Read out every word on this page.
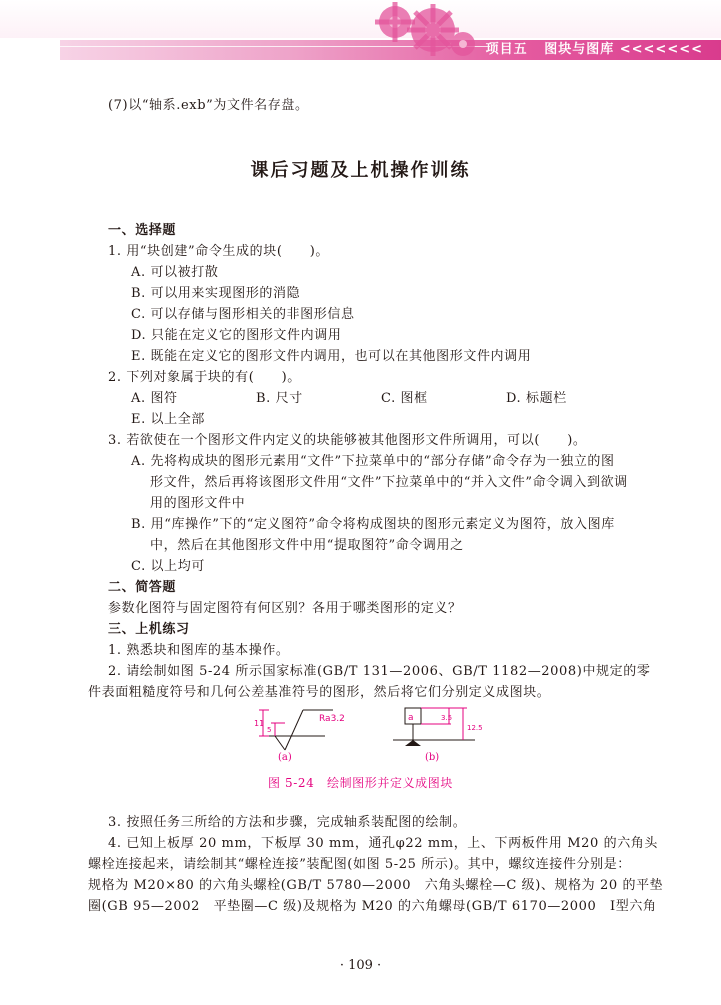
项目五 图块与图库 <<<<<<<
(7)以“轴系.exb”为文件名存盘。
课后习题及上机操作训练
一、选择题
1. 用“块创建”命令生成的块(　　)。
A. 可以被打散
B. 可以用来实现图形的消隐
C. 可以存储与图形相关的非图形信息
D. 只能在定义它的图形文件内调用
E. 既能在定义它的图形文件内调用，也可以在其他图形文件内调用
2. 下列对象属于块的有(　　)。
A. 图符	B. 尺寸	C. 图框	D. 标题栏
E. 以上全部
3. 若欲使在一个图形文件内定义的块能够被其他图形文件所调用，可以(　　)。
A. 先将构成块的图形元素用“文件”下拉菜单中的“部分存储”命令存为一独立的图
形文件，然后再将该图形文件用“文件”下拉菜单中的“并入文件”命令调入到欲调
用的图形文件中
B. 用“库操作”下的“定义图符”命令将构成图块的图形元素定义为图符，放入图库
中，然后在其他图形文件中用“提取图符”命令调用之
C. 以上均可
二、简答题
参数化图符与固定图符有何区别？各用于哪类图形的定义？
三、上机练习
1. 熟悉块和图库的基本操作。
2. 请绘制如图 5-24 所示国家标准(GB/T 131—2006、GB/T 1182—2008)中规定的零
件表面粗糙度符号和几何公差基准符号的图形，然后将它们分别定义成图块。
11
5
Ra3.2	a	3.5
12.5
(a)	(b)
图 5-24　绘制图形并定义成图块
3. 按照任务三所给的方法和步骤，完成轴系装配图的绘制。
4. 已知上板厚 20 mm，下板厚 30 mm，通孔φ22 mm，上、下两板件用 M20 的六角头
螺栓连接起来，请绘制其“螺栓连接”装配图(如图 5-25 所示)。其中，螺纹连接件分别是：
规格为 M20×80 的六角头螺栓(GB/T 5780—2000　六角头螺栓—C 级)、规格为 20 的平垫
圈(GB 95—2002　平垫圈—C 级)及规格为 M20 的六角螺母(GB/T 6170—2000　Ⅰ型六角
· 109 ·
